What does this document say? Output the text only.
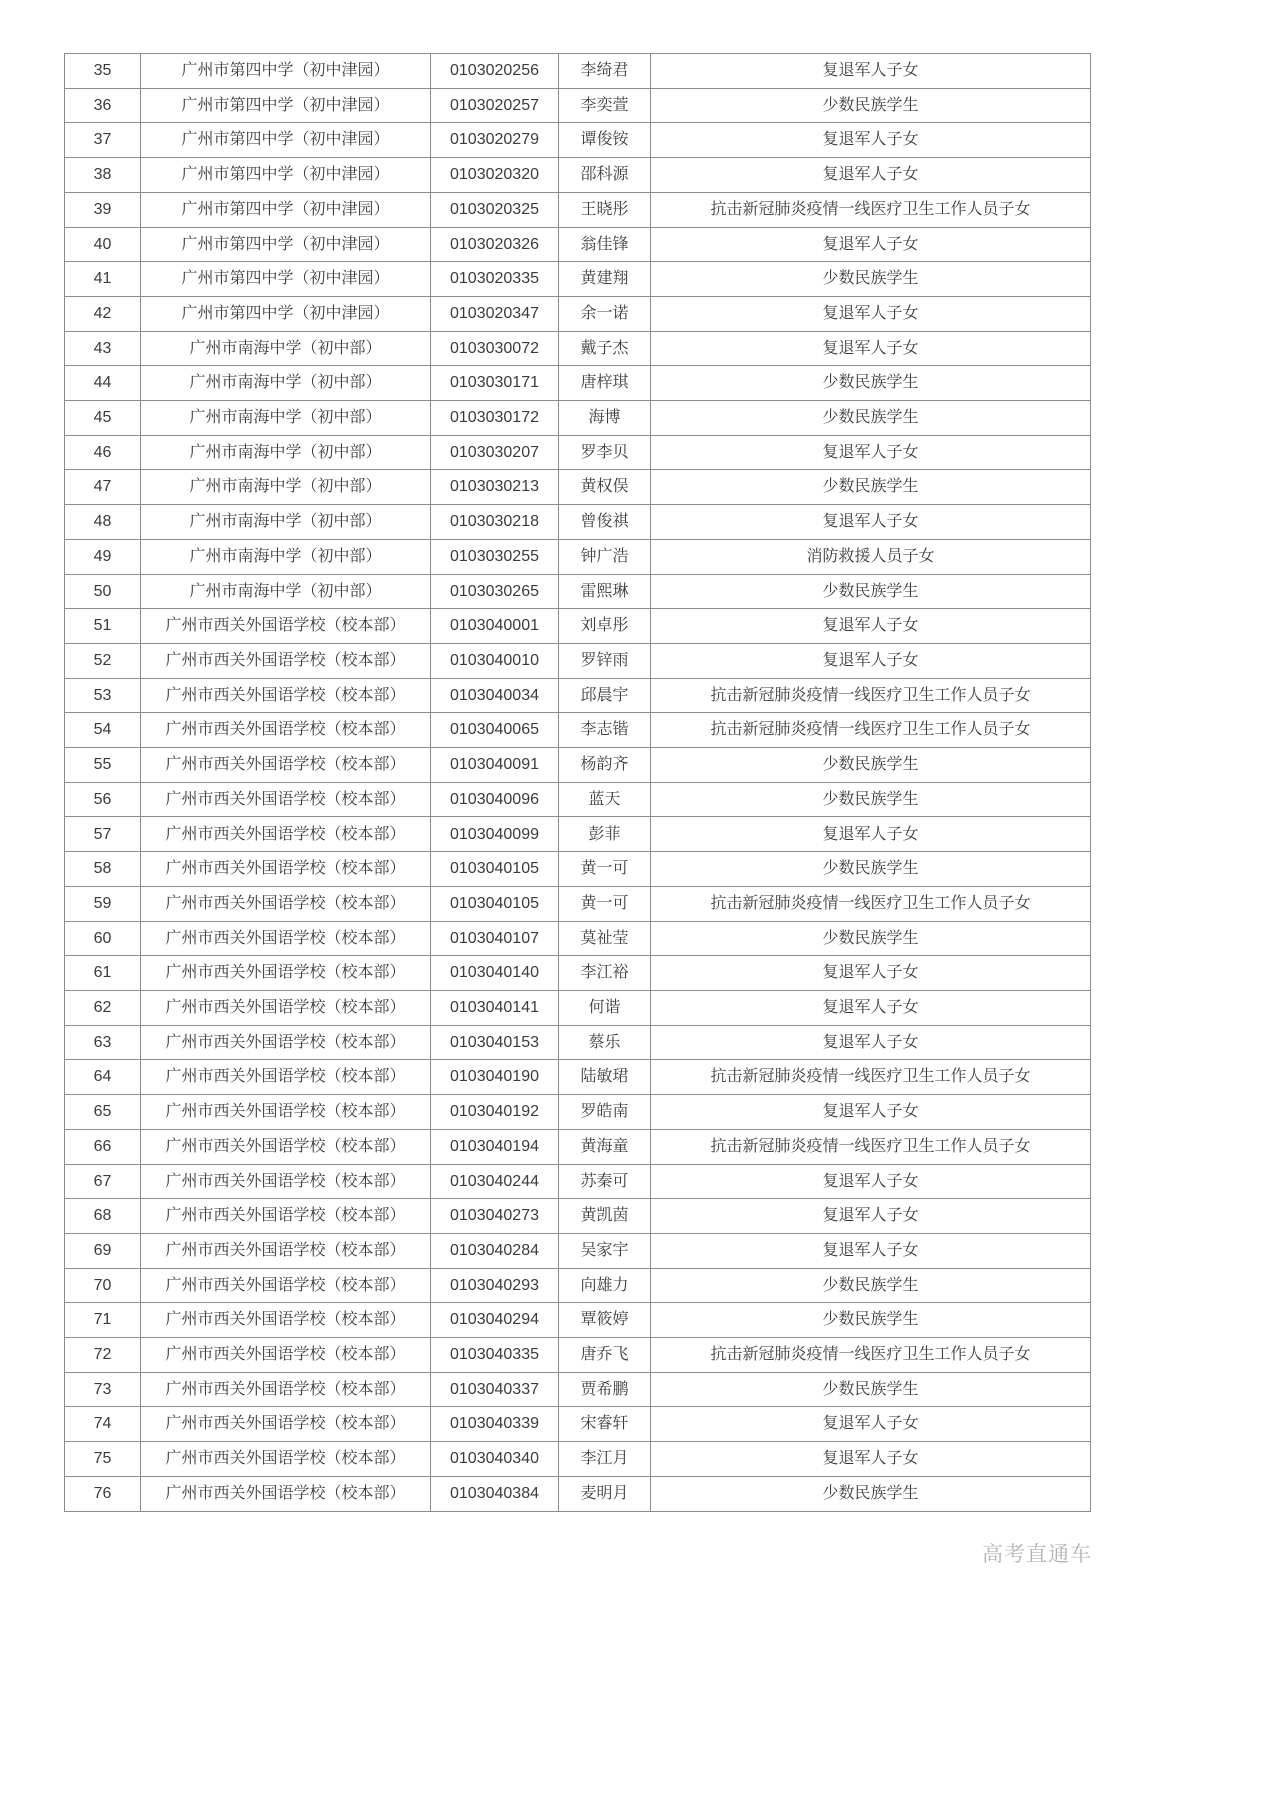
35	广州市第四中学（初中津园）	0103020256	李绮君	复退军人子女
36	广州市第四中学（初中津园）	0103020257	李奕萱	少数民族学生
37	广州市第四中学（初中津园）	0103020279	谭俊铵	复退军人子女
38	广州市第四中学（初中津园）	0103020320	邵科源	复退军人子女
39	广州市第四中学（初中津园）	0103020325	王晓彤	抗击新冠肺炎疫情一线医疗卫生工作人员子女
40	广州市第四中学（初中津园）	0103020326	翁佳锋	复退军人子女
41	广州市第四中学（初中津园）	0103020335	黄建翔	少数民族学生
42	广州市第四中学（初中津园）	0103020347	余一诺	复退军人子女
43	广州市南海中学（初中部）	0103030072	戴子杰	复退军人子女
44	广州市南海中学（初中部）	0103030171	唐梓琪	少数民族学生
45	广州市南海中学（初中部）	0103030172	海博	少数民族学生
46	广州市南海中学（初中部）	0103030207	罗李贝	复退军人子女
47	广州市南海中学（初中部）	0103030213	黄权俣	少数民族学生
48	广州市南海中学（初中部）	0103030218	曾俊祺	复退军人子女
49	广州市南海中学（初中部）	0103030255	钟广浩	消防救援人员子女
50	广州市南海中学（初中部）	0103030265	雷熙琳	少数民族学生
51	广州市西关外国语学校（校本部）	0103040001	刘卓彤	复退军人子女
52	广州市西关外国语学校（校本部）	0103040010	罗锌雨	复退军人子女
53	广州市西关外国语学校（校本部）	0103040034	邱晨宇	抗击新冠肺炎疫情一线医疗卫生工作人员子女
54	广州市西关外国语学校（校本部）	0103040065	李志锴	抗击新冠肺炎疫情一线医疗卫生工作人员子女
55	广州市西关外国语学校（校本部）	0103040091	杨韵齐	少数民族学生
56	广州市西关外国语学校（校本部）	0103040096	蓝天	少数民族学生
57	广州市西关外国语学校（校本部）	0103040099	彭菲	复退军人子女
58	广州市西关外国语学校（校本部）	0103040105	黄一可	少数民族学生
59	广州市西关外国语学校（校本部）	0103040105	黄一可	抗击新冠肺炎疫情一线医疗卫生工作人员子女
60	广州市西关外国语学校（校本部）	0103040107	莫祉莹	少数民族学生
61	广州市西关外国语学校（校本部）	0103040140	李江裕	复退军人子女
62	广州市西关外国语学校（校本部）	0103040141	何谐	复退军人子女
63	广州市西关外国语学校（校本部）	0103040153	蔡乐	复退军人子女
64	广州市西关外国语学校（校本部）	0103040190	陆敏珺	抗击新冠肺炎疫情一线医疗卫生工作人员子女
65	广州市西关外国语学校（校本部）	0103040192	罗皓南	复退军人子女
66	广州市西关外国语学校（校本部）	0103040194	黄海童	抗击新冠肺炎疫情一线医疗卫生工作人员子女
67	广州市西关外国语学校（校本部）	0103040244	苏秦可	复退军人子女
68	广州市西关外国语学校（校本部）	0103040273	黄凯茵	复退军人子女
69	广州市西关外国语学校（校本部）	0103040284	吴家宇	复退军人子女
70	广州市西关外国语学校（校本部）	0103040293	向雄力	少数民族学生
71	广州市西关外国语学校（校本部）	0103040294	覃筱婷	少数民族学生
72	广州市西关外国语学校（校本部）	0103040335	唐乔飞	抗击新冠肺炎疫情一线医疗卫生工作人员子女
73	广州市西关外国语学校（校本部）	0103040337	贾希鹏	少数民族学生
74	广州市西关外国语学校（校本部）	0103040339	宋睿轩	复退军人子女
75	广州市西关外国语学校（校本部）	0103040340	李江月	复退军人子女
76	广州市西关外国语学校（校本部）	0103040384	麦明月	少数民族学生
高考直通车
